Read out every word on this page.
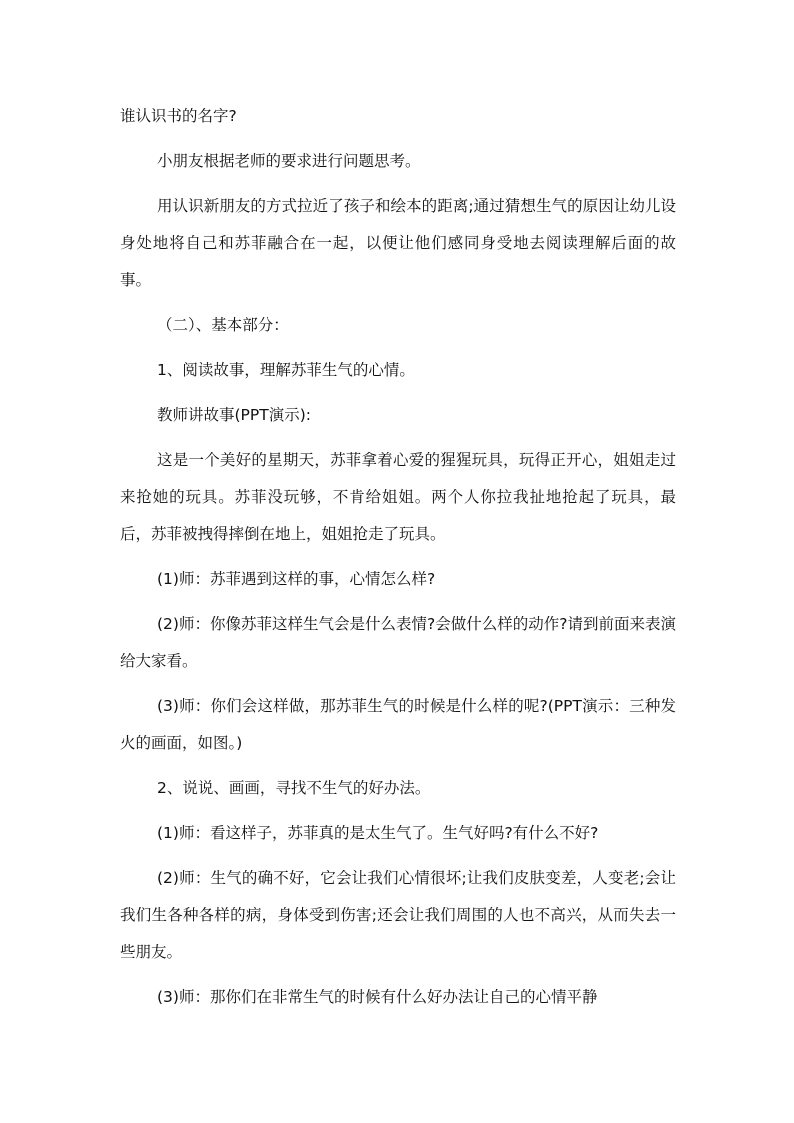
谁认识书的名字?

小朋友根据老师的要求进行问题思考。

用认识新朋友的方式拉近了孩子和绘本的距离;通过猜想生气的原因让幼儿设身处地将自己和苏菲融合在一起，以便让他们感同身受地去阅读理解后面的故事。

（二）、基本部分：

1、阅读故事，理解苏菲生气的心情。

教师讲故事(PPT演示):

这是一个美好的星期天，苏菲拿着心爱的猩猩玩具，玩得正开心，姐姐走过来抢她的玩具。苏菲没玩够，不肯给姐姐。两个人你拉我扯地抢起了玩具，最后，苏菲被拽得摔倒在地上，姐姐抢走了玩具。

(1)师：苏菲遇到这样的事，心情怎么样?

(2)师：你像苏菲这样生气会是什么表情?会做什么样的动作?请到前面来表演给大家看。

(3)师：你们会这样做，那苏菲生气的时候是什么样的呢?(PPT演示：三种发火的画面，如图。)

2、说说、画画，寻找不生气的好办法。

(1)师：看这样子，苏菲真的是太生气了。生气好吗?有什么不好?

(2)师：生气的确不好，它会让我们心情很坏;让我们皮肤变差，人变老;会让我们生各种各样的病，身体受到伤害;还会让我们周围的人也不高兴，从而失去一些朋友。

(3)师：那你们在非常生气的时候有什么好办法让自己的心情平静
